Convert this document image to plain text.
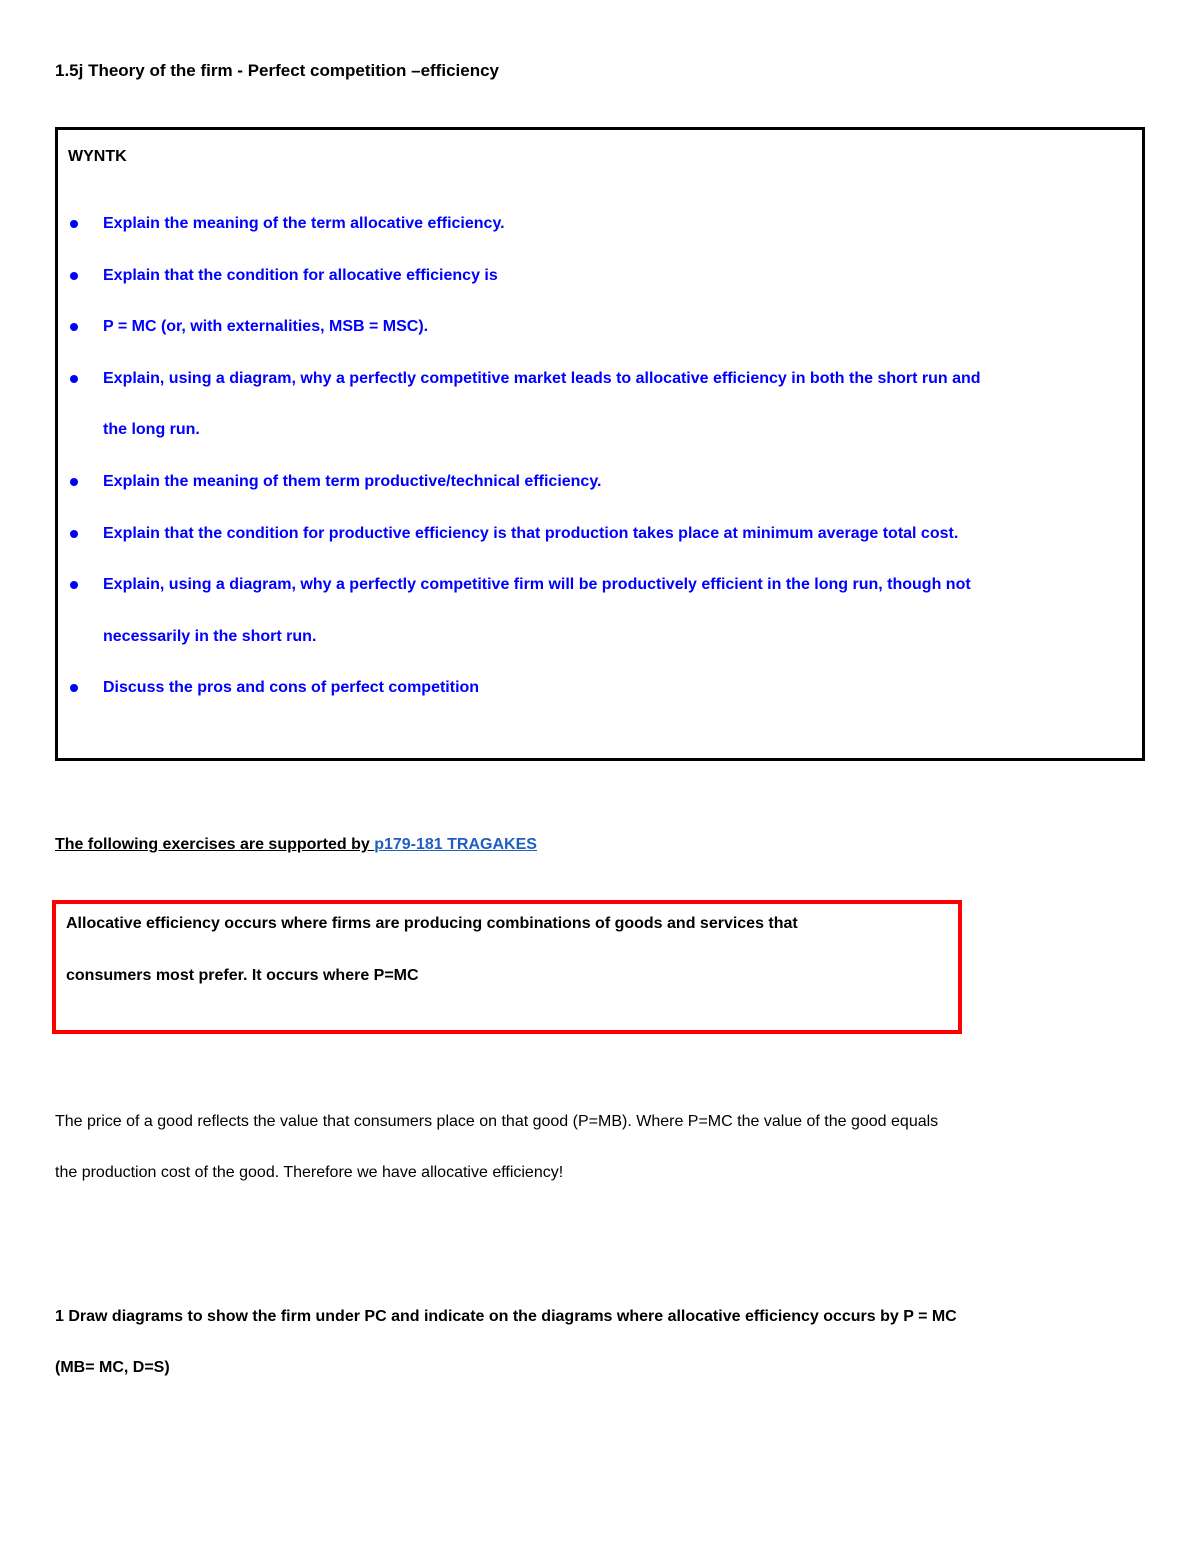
1.5j Theory of the firm - Perfect competition –efficiency
WYNTK
Explain the meaning of the term allocative efficiency.
Explain that the condition for allocative efficiency is
P = MC (or, with externalities, MSB = MSC).
Explain, using a diagram, why a perfectly competitive market leads to allocative efficiency in both the short run and
the long run.
Explain the meaning of them term productive/technical efficiency.
Explain that the condition for productive efficiency is that production takes place at minimum average total cost.
Explain, using a diagram, why a perfectly competitive firm will be productively efficient in the long run, though not
necessarily in the short run.
Discuss the pros and cons of perfect competition
The following exercises are supported by p179-181 TRAGAKES
Allocative efficiency occurs where firms are producing combinations of goods and services that
consumers most prefer. It occurs where P=MC
The price of a good reflects the value that consumers place on that good (P=MB). Where P=MC the value of the good equals
the production cost of the good. Therefore we have allocative efficiency!
1 Draw diagrams to show the firm under PC and indicate on the diagrams where allocative efficiency occurs by P = MC
(MB= MC, D=S)
